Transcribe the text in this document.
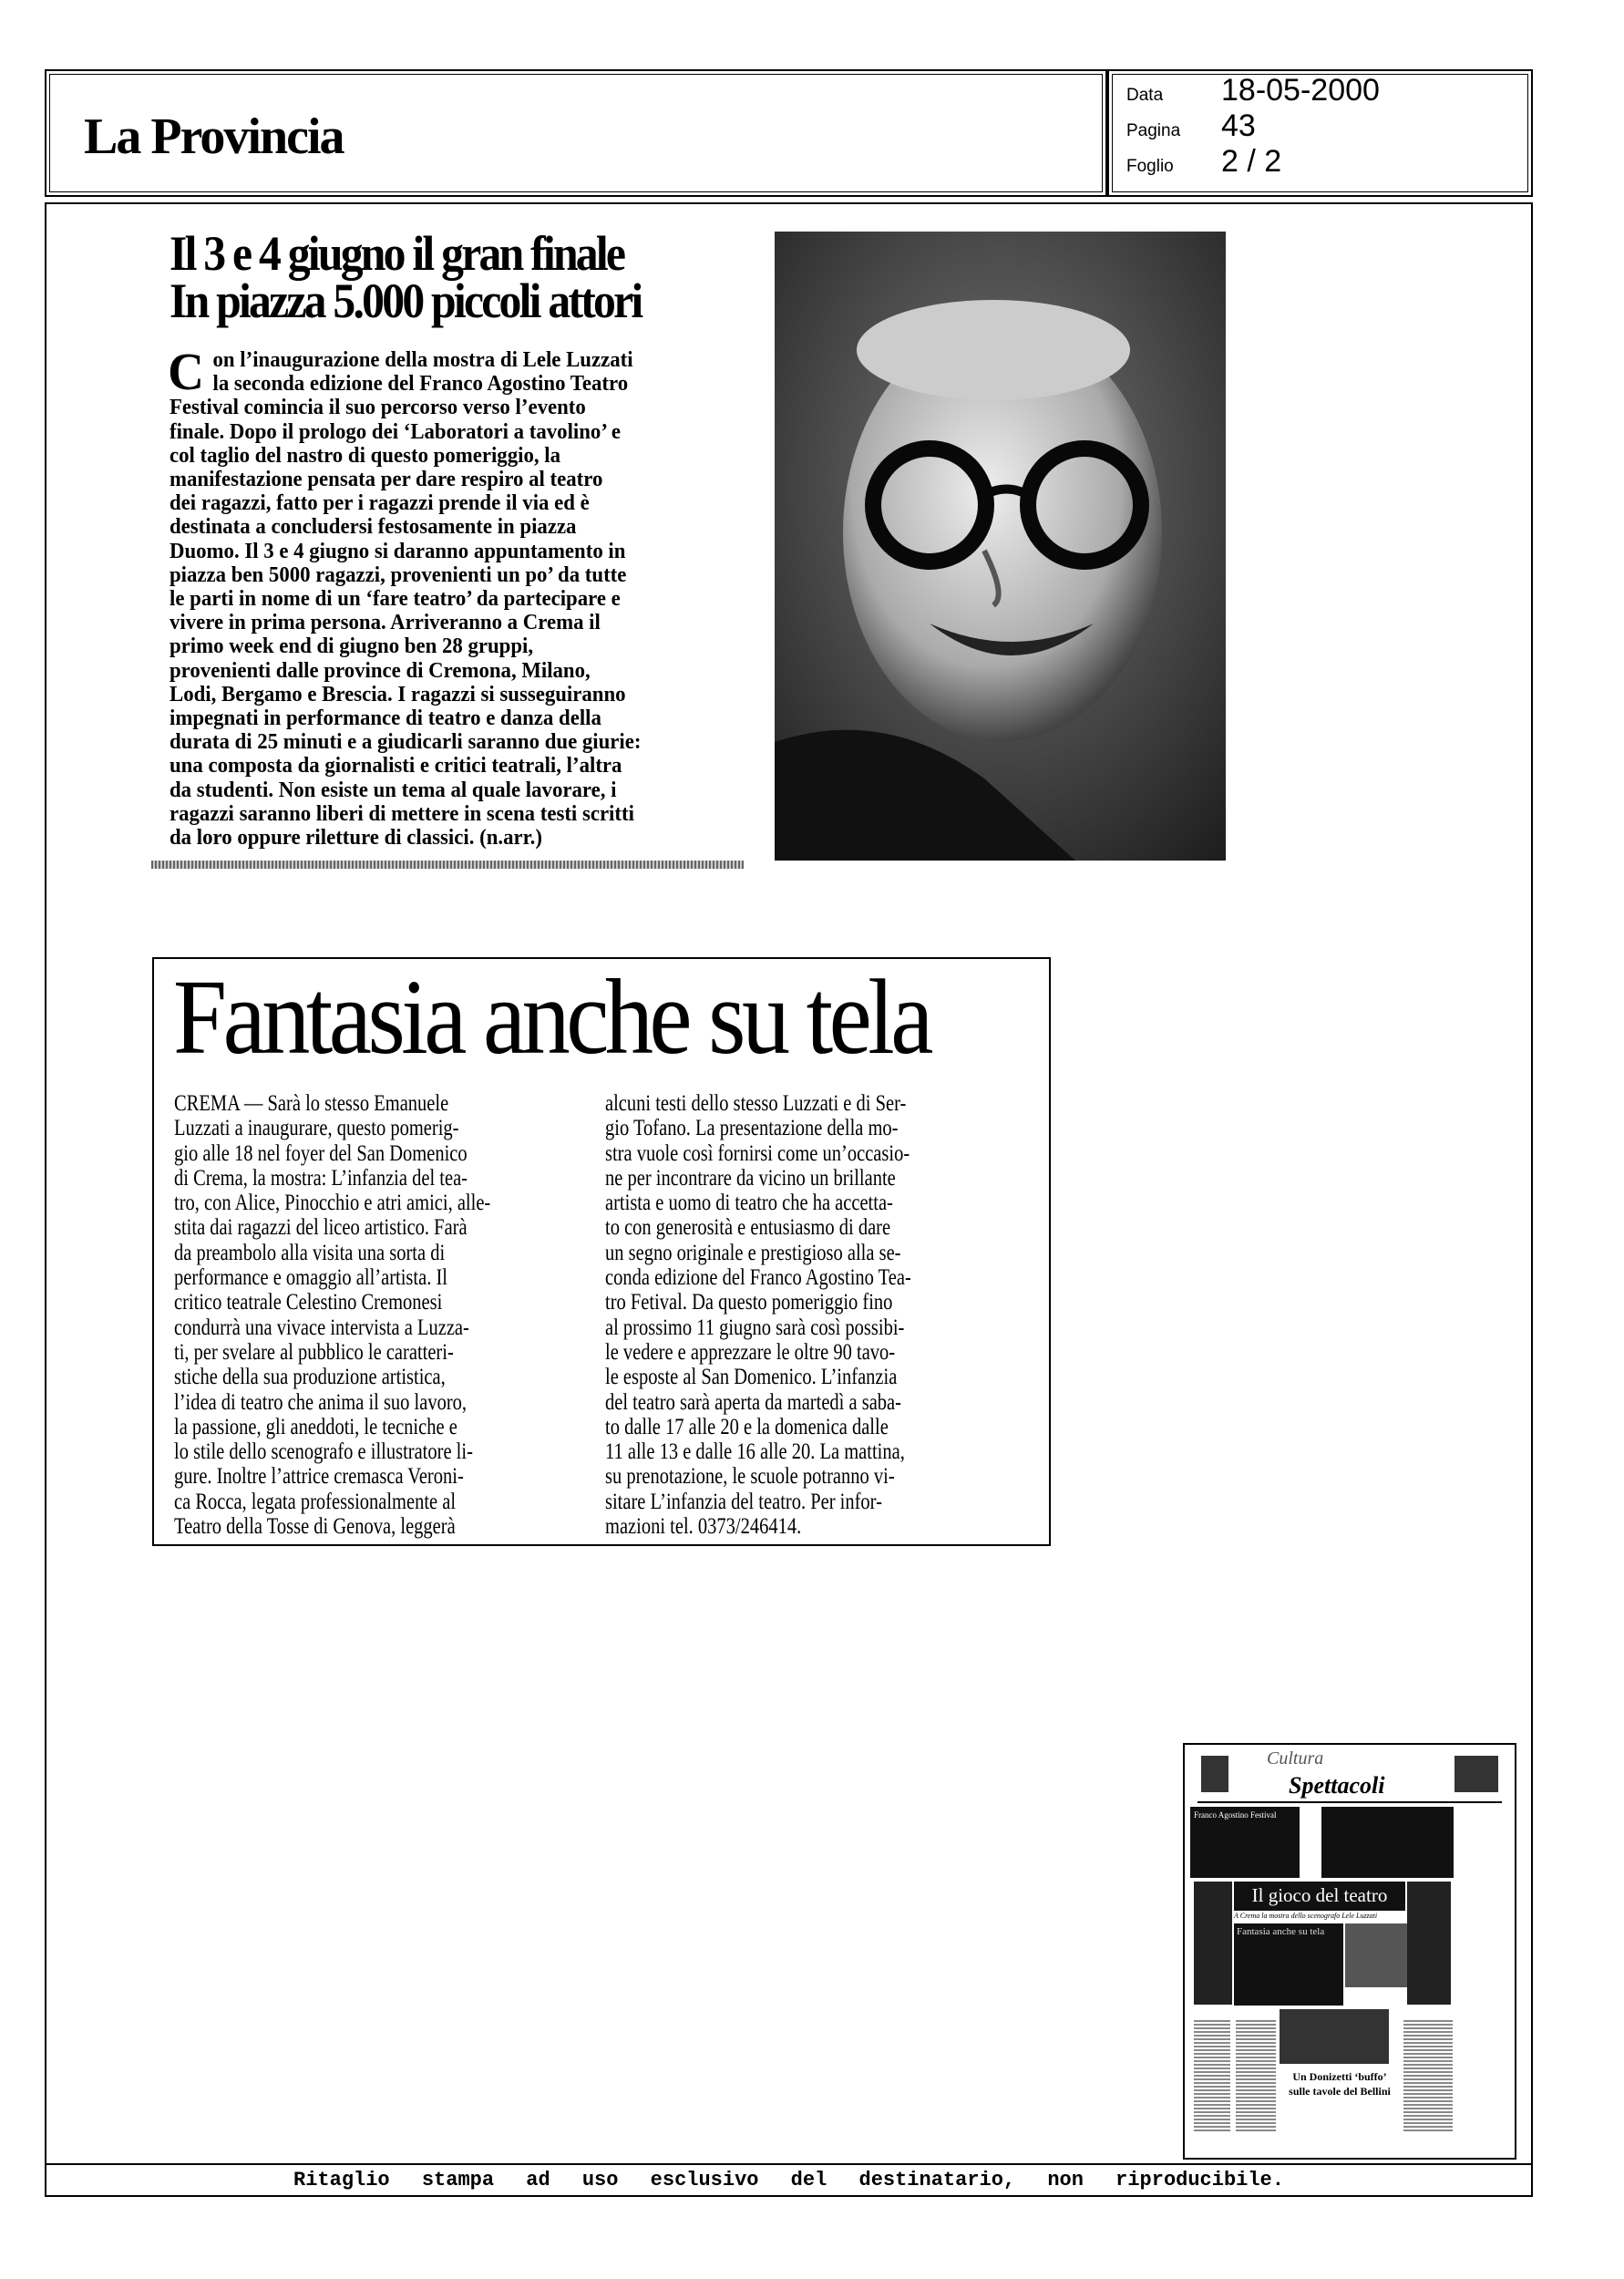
La Provincia
Data 18-05-2000
Pagina 43
Foglio 2 / 2
Il 3 e 4 giugno il gran finale
In piazza 5.000 piccoli attori
C on l’inaugurazione della mostra di Lele Luzzati
la seconda edizione del Franco Agostino Teatro
Festival comincia il suo percorso verso l’evento
finale. Dopo il prologo dei ‘Laboratori a tavolino’ e
col taglio del nastro di questo pomeriggio, la
manifestazione pensata per dare respiro al teatro
dei ragazzi, fatto per i ragazzi prende il via ed è
destinata a concludersi festosamente in piazza
Duomo. Il 3 e 4 giugno si daranno appuntamento in
piazza ben 5000 ragazzi, provenienti un po’ da tutte
le parti in nome di un ‘fare teatro’ da partecipare e
vivere in prima persona. Arriveranno a Crema il
primo week end di giugno ben 28 gruppi,
provenienti dalle province di Cremona, Milano,
Lodi, Bergamo e Brescia. I ragazzi si susseguiranno
impegnati in performance di teatro e danza della
durata di 25 minuti e a giudicarli saranno due giurie:
una composta da giornalisti e critici teatrali, l’altra
da studenti. Non esiste un tema al quale lavorare, i
ragazzi saranno liberi di mettere in scena testi scritti
da loro oppure riletture di classici. (n.arr.)
Fantasia anche su tela
CREMA — Sarà lo stesso Emanuele
Luzzati a inaugurare, questo pomerig-
gio alle 18 nel foyer del San Domenico
di Crema, la mostra: L’infanzia del tea-
tro, con Alice, Pinocchio e atri amici, alle-
stita dai ragazzi del liceo artistico. Farà
da preambolo alla visita una sorta di
performance e omaggio all’artista. Il
critico teatrale Celestino Cremonesi
condurrà una vivace intervista a Luzza-
ti, per svelare al pubblico le caratteri-
stiche della sua produzione artistica,
l’idea di teatro che anima il suo lavoro,
la passione, gli aneddoti, le tecniche e
lo stile dello scenografo e illustratore li-
gure. Inoltre l’attrice cremasca Veroni-
ca Rocca, legata professionalmente al
Teatro della Tosse di Genova, leggerà
alcuni testi dello stesso Luzzati e di Ser-
gio Tofano. La presentazione della mo-
stra vuole così fornirsi come un’occasio-
ne per incontrare da vicino un brillante
artista e uomo di teatro che ha accetta-
to con generosità e entusiasmo di dare
un segno originale e prestigioso alla se-
conda edizione del Franco Agostino Tea-
tro Fetival. Da questo pomeriggio fino
al prossimo 11 giugno sarà così possibi-
le vedere e apprezzare le oltre 90 tavo-
le esposte al San Domenico. L’infanzia
del teatro sarà aperta da martedì a saba-
to dalle 17 alle 20 e la domenica dalle
11 alle 13 e dalle 16 alle 20. La mattina,
su prenotazione, le scuole potranno vi-
sitare L’infanzia del teatro. Per infor-
mazioni tel. 0373/246414.
Cultura
Spettacoli
Franco Agostino Festival
Il gioco del teatro
A Crema la mostra dello scenografo Lele Luzzati
Fantasia anche su tela
Un Donizetti ‘buffo’
sulle tavole del Bellini
Ritaglio stampa ad uso esclusivo del destinatario, non riproducibile.
